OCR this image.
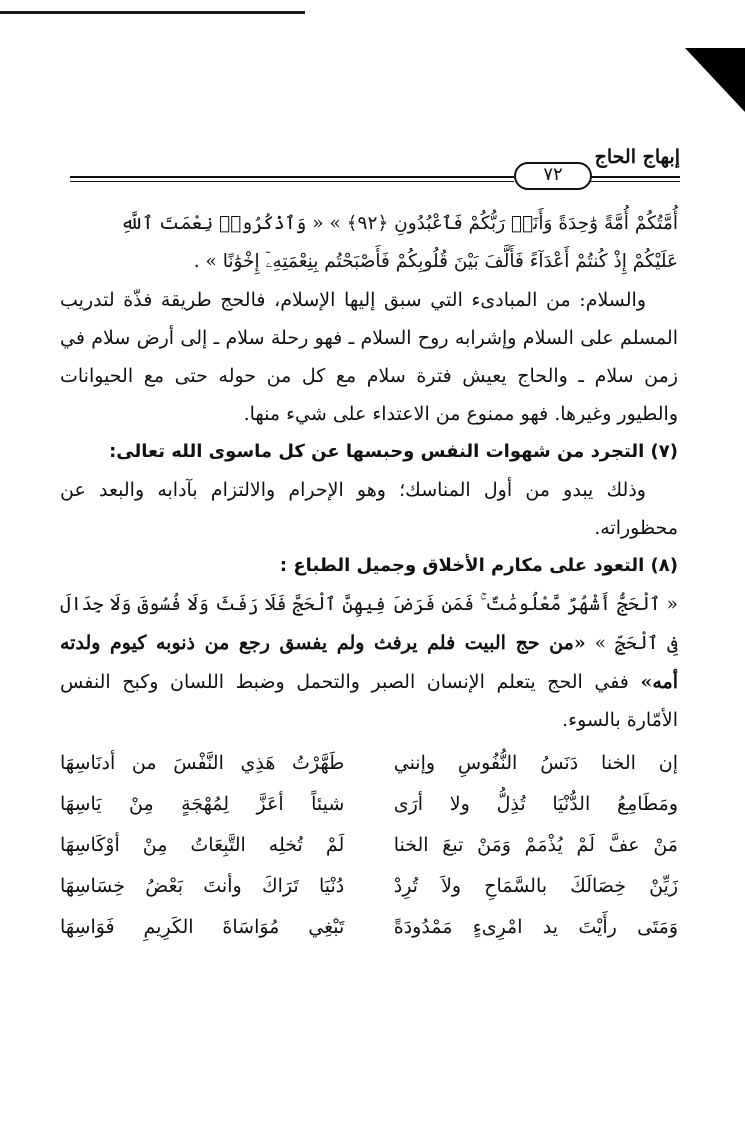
إبهاج الحاج
٧٢

أُمَّتُكُمْ أُمَّةً وَٰحِدَةً وَأَنَا۠ رَبُّكُمْ فَٱعْبُدُونِ ﴿٩٢﴾ » « وَٱذْكُرُوا۟ نِعْمَتَ ٱللَّهِ

عَلَيْكُمْ إِذْ كُنتُمْ أَعْدَآءً فَأَلَّفَ بَيْنَ قُلُوبِكُمْ فَأَصْبَحْتُم بِنِعْمَتِهِۦٓ إِخْوَٰنًا » .

والسلام: من المبادىء التي سبق إليها الإسلام، فالحج طريقة فذّة لتدريب المسلم على السلام وإشرابه روح السلام ـ فهو رحلة سلام ـ إلى أرض سلام في زمن سلام ـ والحاج يعيش فترة سلام مع كل من حوله حتى مع الحيوانات والطيور وغيرها. فهو ممنوع من الاعتداء على شيء منها.

(٧) التجرد من شهوات النفس وحبسها عن كل ماسوى الله تعالى:

وذلك يبدو من أول المناسك؛ وهو الإحرام والالتزام بآدابه والبعد عن محظوراته.

(٨) التعود على مكارم الأخلاق وجميل الطباع :

« ٱلْحَجُّ أَشْهُرٌ مَّعْلُومَٰتٌ ۚ فَمَن فَرَضَ فِيهِنَّ ٱلْحَجَّ فَلَا رَفَثَ وَلَا فُسُوقَ وَلَا جِدَالَ فِى ٱلْحَجِّ » «من حج البيت فلم يرفث ولم يفسق رجع من ذنوبه كيوم ولدته أمه» ففي الحج يتعلم الإنسان الصبر والتحمل وضبط اللسان وكبح النفس الأمّارة بالسوء.

إن الخنا دَنَسُ النُّفُوسِ وإنني
طَهَّرْتُ هَذِي النَّفْسَ من أدنَاسِهَا
ومَطَامِعُ الدُّنْيَا تُذِلُّ ولا أرَى
شيئاً أعَزَّ لِمُهْجَةٍ مِنْ يَاسِهَا
مَنْ عفَّ لَمْ يُذْمَمْ وَمَنْ تبعَ الخنا
لَمْ تُخلِه التَّبِعَاتُ مِنْ أوْكَاسِهَا
زَيِّنْ خِصَالَكَ بالسَّمَاحِ ولاَ تُرِدْ
دُنْيَا تَرَاكَ وأنتَ بَعْضُ خِسَاسِهَا
وَمَتَى رأَيْتَ يد امْرِىءٍ مَمْدُودَةً
تَبْغِي مُوَاسَاةَ الكَرِيمِ فَوَاسِهَا
